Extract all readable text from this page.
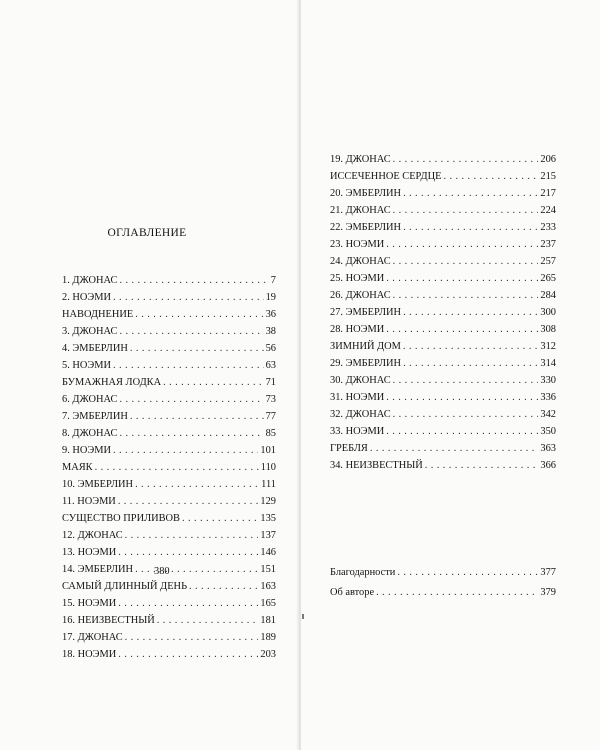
ОГЛАВЛЕНИЕ
1. ДЖОНАС . . .	7
2. НОЭМИ . . .	19
НАВОДНЕНИЕ . . .	36
3. ДЖОНАС . . .	38
4. ЭМБЕРЛИН . . .	56
5. НОЭМИ . . .	63
БУМАЖНАЯ ЛОДКА . . .	71
6. ДЖОНАС . . .	73
7. ЭМБЕРЛИН . . .	77
8. ДЖОНАС . . .	85
9. НОЭМИ . . .	101
МАЯК . . .	110
10. ЭМБЕРЛИН . . .	111
11. НОЭМИ . . .	129
СУЩЕСТВО ПРИЛИВОВ . . .	135
12. ДЖОНАС . . .	137
13. НОЭМИ . . .	146
14. ЭМБЕРЛИН . . .	151
САМЫЙ ДЛИННЫЙ ДЕНЬ . . .	163
15. НОЭМИ . . .	165
16. НЕИЗВЕСТНЫЙ . . .	181
17. ДЖОНАС . . .	189
18. НОЭМИ . . .	203
380
19. ДЖОНАС . . .	206
ИССЕЧЕННОЕ СЕРДЦЕ . . .	215
20. ЭМБЕРЛИН . . .	217
21. ДЖОНАС . . .	224
22. ЭМБЕРЛИН . . .	233
23. НОЭМИ . . .	237
24. ДЖОНАС . . .	257
25. НОЭМИ . . .	265
26. ДЖОНАС . . .	284
27. ЭМБЕРЛИН . . .	300
28. НОЭМИ . . .	308
ЗИМНИЙ ДОМ . . .	312
29. ЭМБЕРЛИН . . .	314
30. ДЖОНАС . . .	330
31. НОЭМИ . . .	336
32. ДЖОНАС . . .	342
33. НОЭМИ . . .	350
ГРЕБЛЯ . . .	363
34. НЕИЗВЕСТНЫЙ . . .	366
Благодарности . . .	377
Об авторе . . .	379
